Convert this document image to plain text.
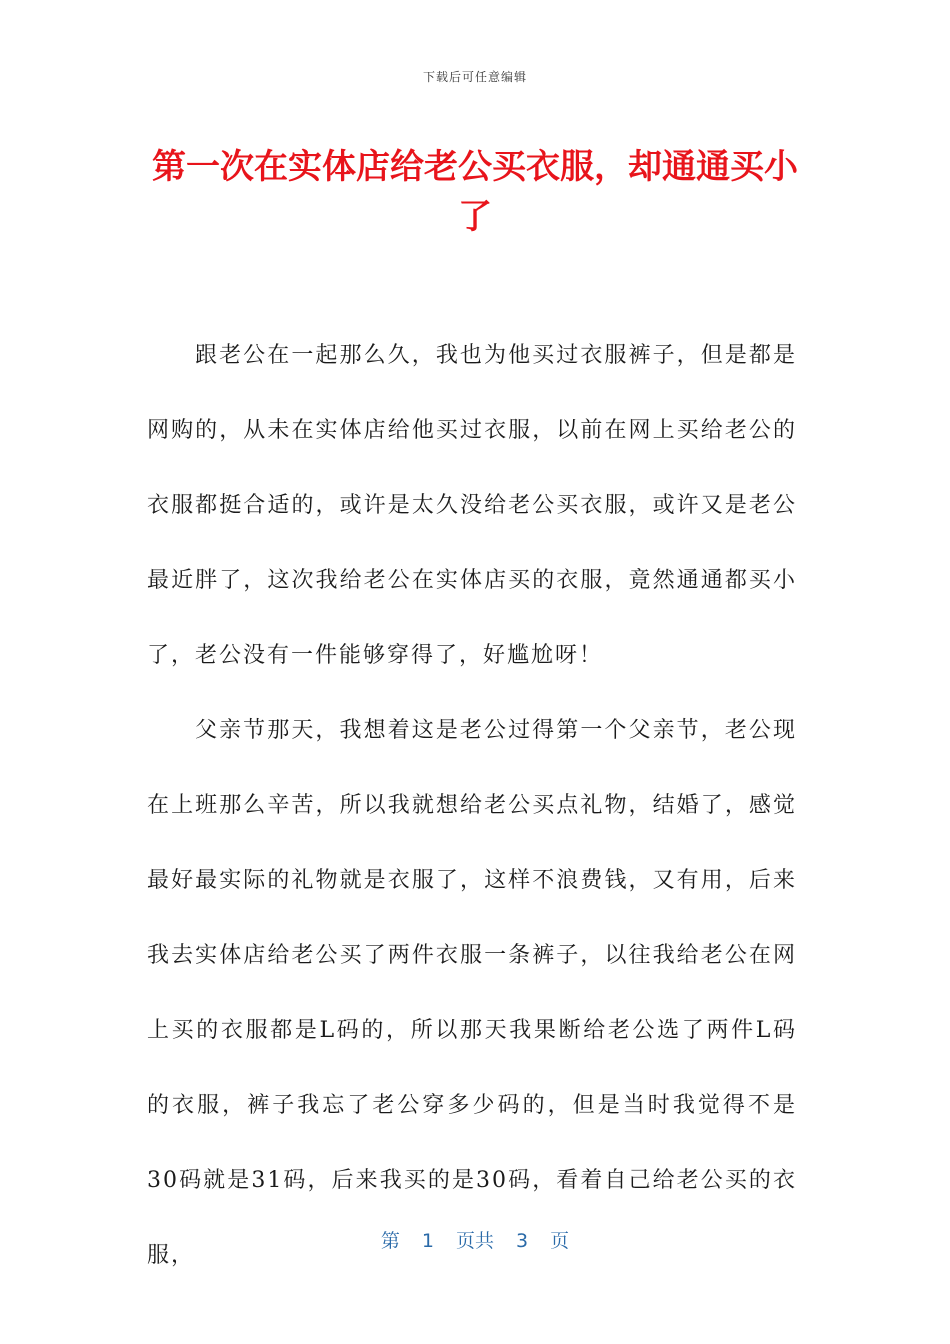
下载后可任意编辑
第一次在实体店给老公买衣服，却通通买小了

跟老公在一起那么久，我也为他买过衣服裤子，但是都是网购的，从未在实体店给他买过衣服，以前在网上买给老公的衣服都挺合适的，或许是太久没给老公买衣服，或许又是老公最近胖了，这次我给老公在实体店买的衣服，竟然通通都买小了，老公没有一件能够穿得了，好尴尬呀！

父亲节那天，我想着这是老公过得第一个父亲节，老公现在上班那么辛苦，所以我就想给老公买点礼物，结婚了，感觉最好最实际的礼物就是衣服了，这样不浪费钱，又有用，后来我去实体店给老公买了两件衣服一条裤子，以往我给老公在网上买的衣服都是L码的，所以那天我果断给老公选了两件L码的衣服，裤子我忘了老公穿多少码的，但是当时我觉得不是30码就是31码，后来我买的是30码，看着自己给老公买的衣服，

第 1 页共 3 页
